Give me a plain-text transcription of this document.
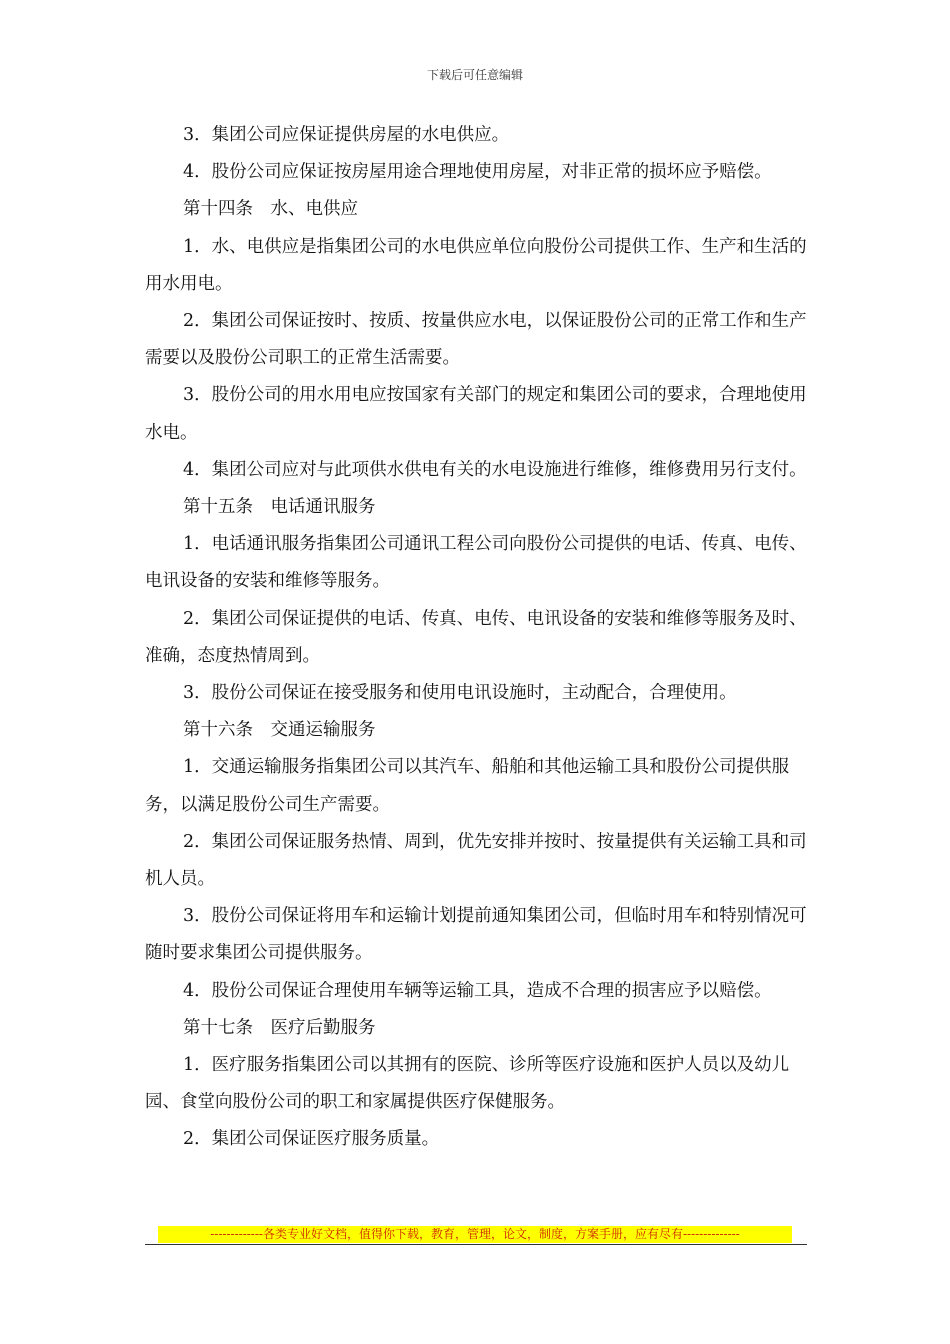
下载后可任意编辑

3．集团公司应保证提供房屋的水电供应。

4．股份公司应保证按房屋用途合理地使用房屋，对非正常的损坏应予赔偿。

第十四条　水、电供应

1．水、电供应是指集团公司的水电供应单位向股份公司提供工作、生产和生活的用水用电。

2．集团公司保证按时、按质、按量供应水电，以保证股份公司的正常工作和生产需要以及股份公司职工的正常生活需要。

3．股份公司的用水用电应按国家有关部门的规定和集团公司的要求，合理地使用水电。

4．集团公司应对与此项供水供电有关的水电设施进行维修，维修费用另行支付。

第十五条　电话通讯服务

1．电话通讯服务指集团公司通讯工程公司向股份公司提供的电话、传真、电传、电讯设备的安装和维修等服务。

2．集团公司保证提供的电话、传真、电传、电讯设备的安装和维修等服务及时、准确，态度热情周到。

3．股份公司保证在接受服务和使用电讯设施时，主动配合，合理使用。

第十六条　交通运输服务

1．交通运输服务指集团公司以其汽车、船舶和其他运输工具和股份公司提供服务，以满足股份公司生产需要。

2．集团公司保证服务热情、周到，优先安排并按时、按量提供有关运输工具和司机人员。

3．股份公司保证将用车和运输计划提前通知集团公司，但临时用车和特别情况可随时要求集团公司提供服务。

4．股份公司保证合理使用车辆等运输工具，造成不合理的损害应予以赔偿。

第十七条　医疗后勤服务

1．医疗服务指集团公司以其拥有的医院、诊所等医疗设施和医护人员以及幼儿园、食堂向股份公司的职工和家属提供医疗保健服务。

2．集团公司保证医疗服务质量。

-------------各类专业好文档，值得你下载，教育，管理，论文，制度，方案手册，应有尽有--------------
